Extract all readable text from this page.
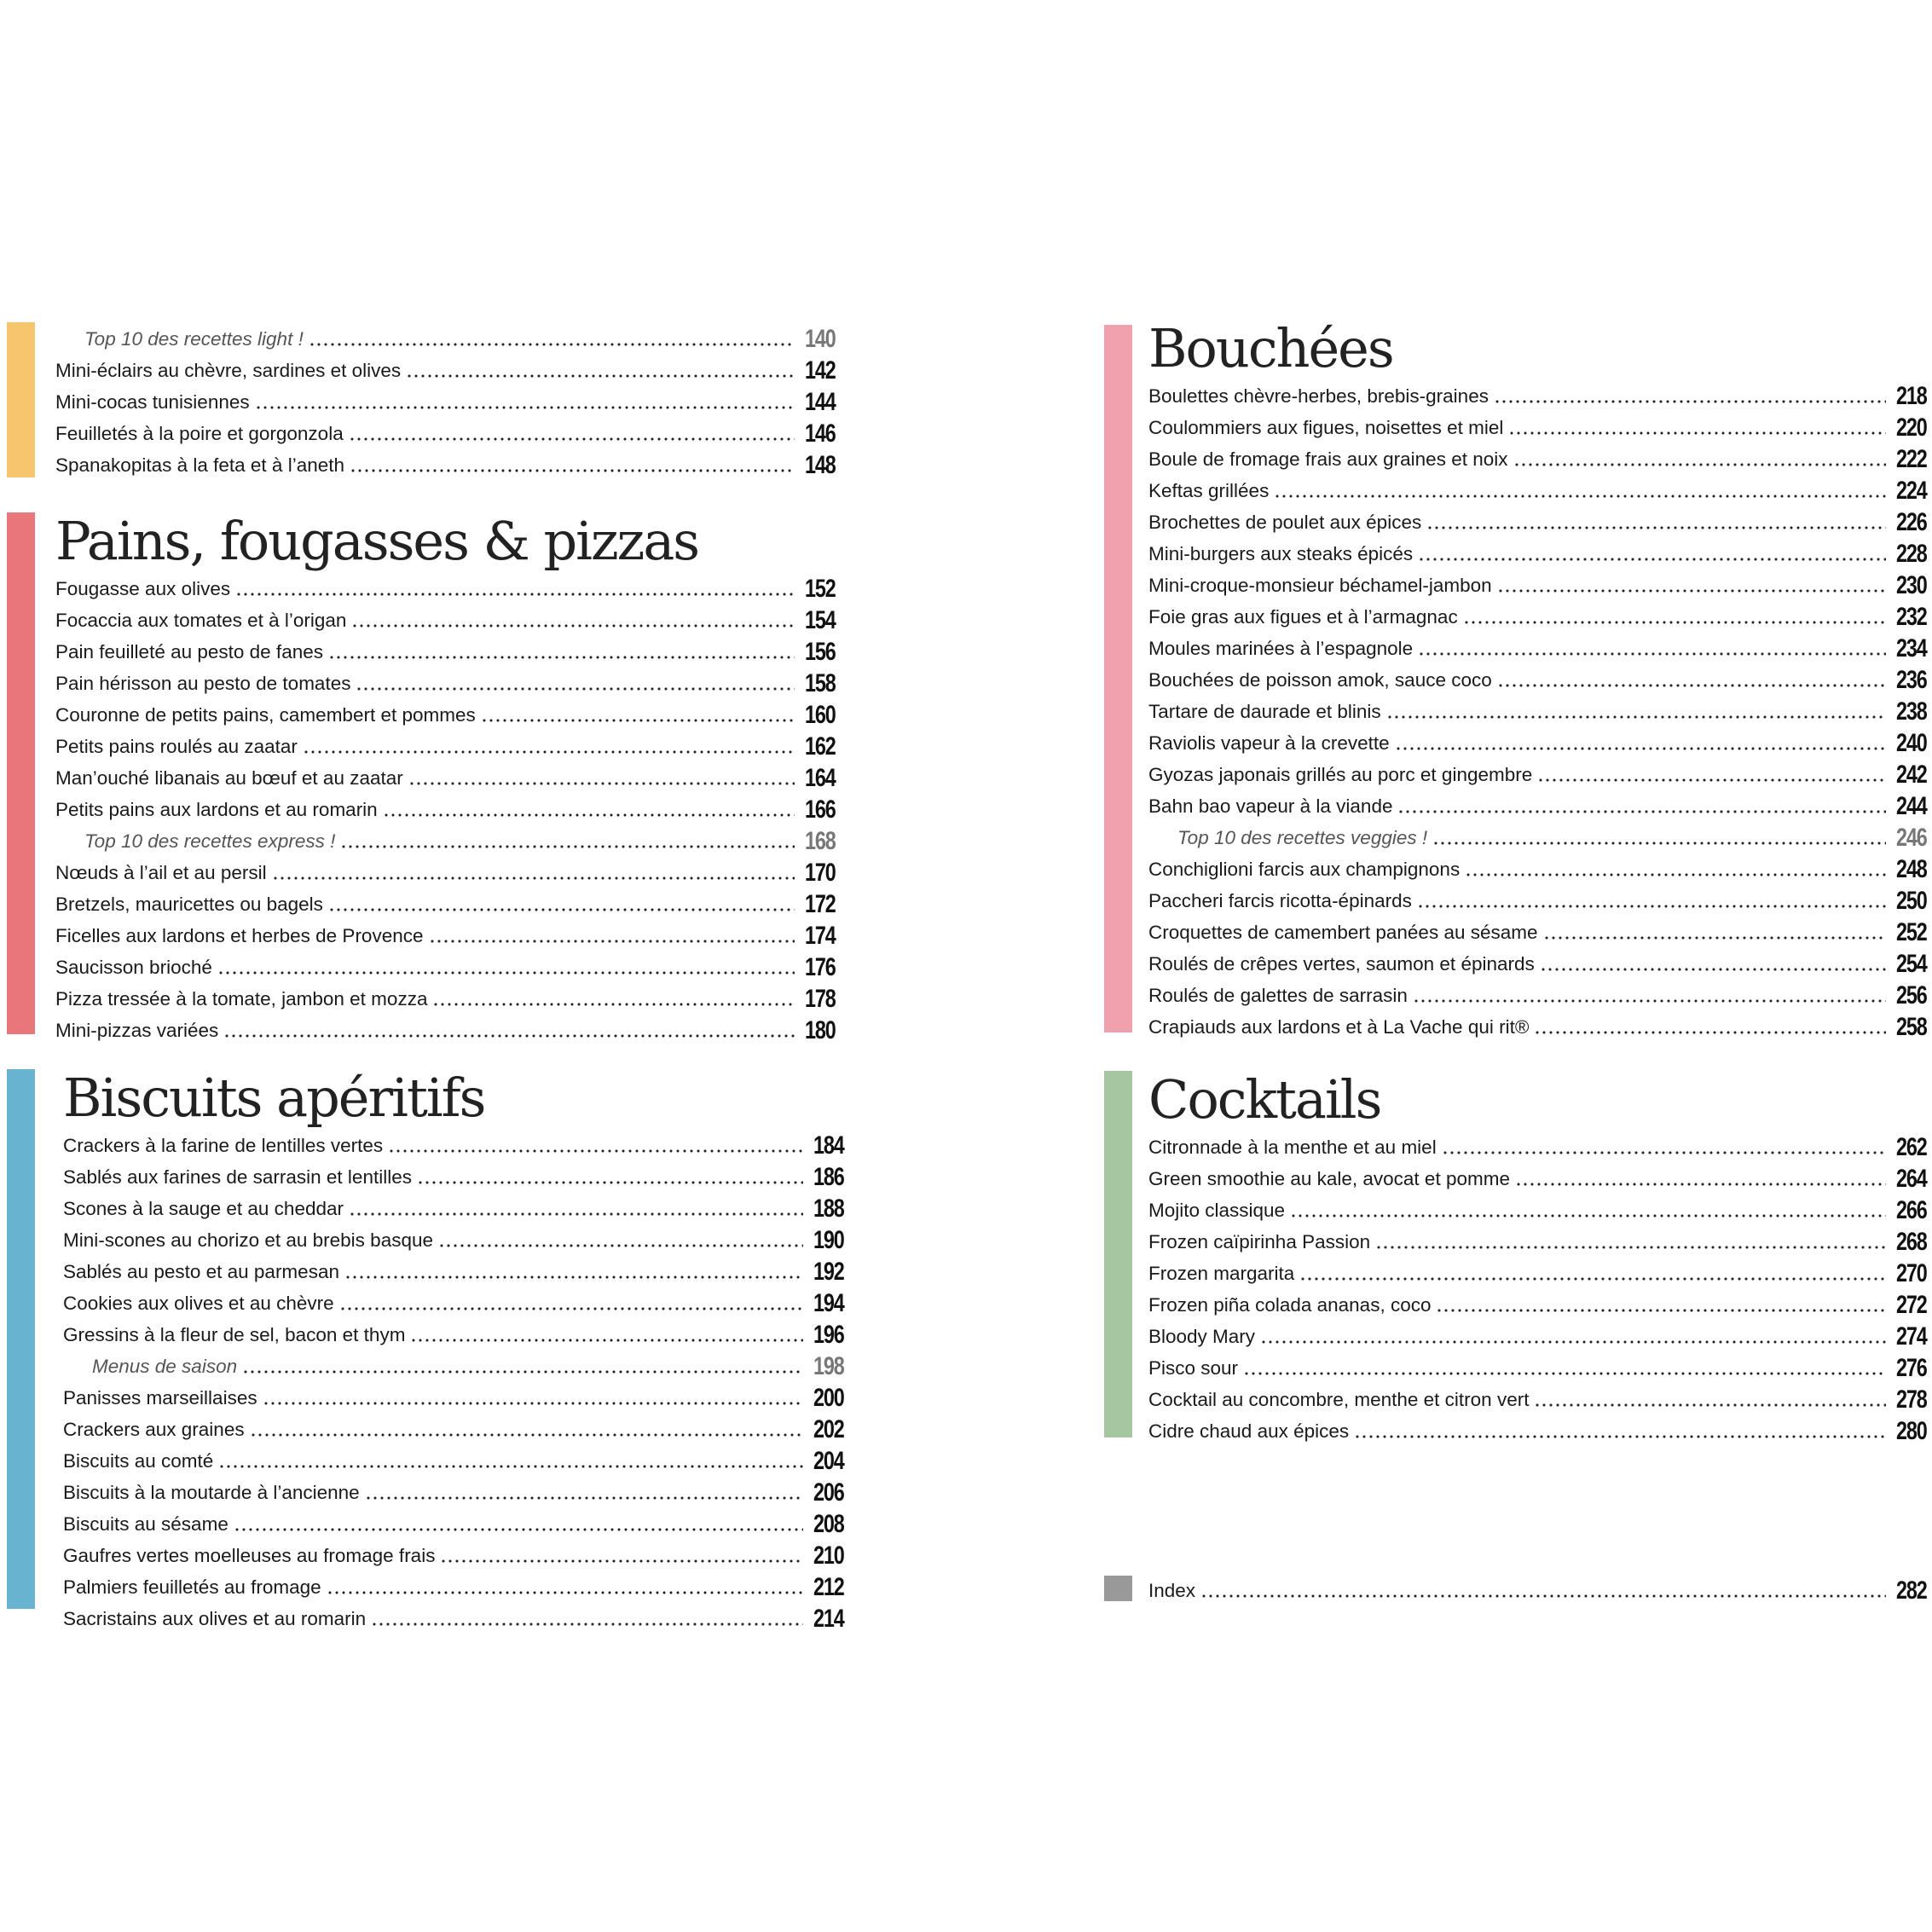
Top 10 des recettes light !	140
Mini-éclairs au chèvre, sardines et olives	142
Mini-cocas tunisiennes	144
Feuilletés à la poire et gorgonzola	146
Spanakopitas à la feta et à l’aneth	148
Pains, fougasses & pizzas
Fougasse aux olives	152
Focaccia aux tomates et à l’origan	154
Pain feuilleté au pesto de fanes	156
Pain hérisson au pesto de tomates	158
Couronne de petits pains, camembert et pommes	160
Petits pains roulés au zaatar	162
Man’ouché libanais au bœuf et au zaatar	164
Petits pains aux lardons et au romarin	166
Top 10 des recettes express !	168
Nœuds à l’ail et au persil	170
Bretzels, mauricettes ou bagels	172
Ficelles aux lardons et herbes de Provence	174
Saucisson brioché	176
Pizza tressée à la tomate, jambon et mozza	178
Mini-pizzas variées	180
Biscuits apéritifs
Crackers à la farine de lentilles vertes	184
Sablés aux farines de sarrasin et lentilles	186
Scones à la sauge et au cheddar	188
Mini-scones au chorizo et au brebis basque	190
Sablés au pesto et au parmesan	192
Cookies aux olives et au chèvre	194
Gressins à la fleur de sel, bacon et thym	196
Menus de saison	198
Panisses marseillaises	200
Crackers aux graines	202
Biscuits au comté	204
Biscuits à la moutarde à l’ancienne	206
Biscuits au sésame	208
Gaufres vertes moelleuses au fromage frais	210
Palmiers feuilletés au fromage	212
Sacristains aux olives et au romarin	214
Bouchées
Boulettes chèvre-herbes, brebis-graines	218
Coulommiers aux figues, noisettes et miel	220
Boule de fromage frais aux graines et noix	222
Keftas grillées	224
Brochettes de poulet aux épices	226
Mini-burgers aux steaks épicés	228
Mini-croque-monsieur béchamel-jambon	230
Foie gras aux figues et à l’armagnac	232
Moules marinées à l’espagnole	234
Bouchées de poisson amok, sauce coco	236
Tartare de daurade et blinis	238
Raviolis vapeur à la crevette	240
Gyozas japonais grillés au porc et gingembre	242
Bahn bao vapeur à la viande	244
Top 10 des recettes veggies !	246
Conchiglioni farcis aux champignons	248
Paccheri farcis ricotta-épinards	250
Croquettes de camembert panées au sésame	252
Roulés de crêpes vertes, saumon et épinards	254
Roulés de galettes de sarrasin	256
Crapiauds aux lardons et à La Vache qui rit®	258
Cocktails
Citronnade à la menthe et au miel	262
Green smoothie au kale, avocat et pomme	264
Mojito classique	266
Frozen caïpirinha Passion	268
Frozen margarita	270
Frozen piña colada ananas, coco	272
Bloody Mary	274
Pisco sour	276
Cocktail au concombre, menthe et citron vert	278
Cidre chaud aux épices	280
Index	282
